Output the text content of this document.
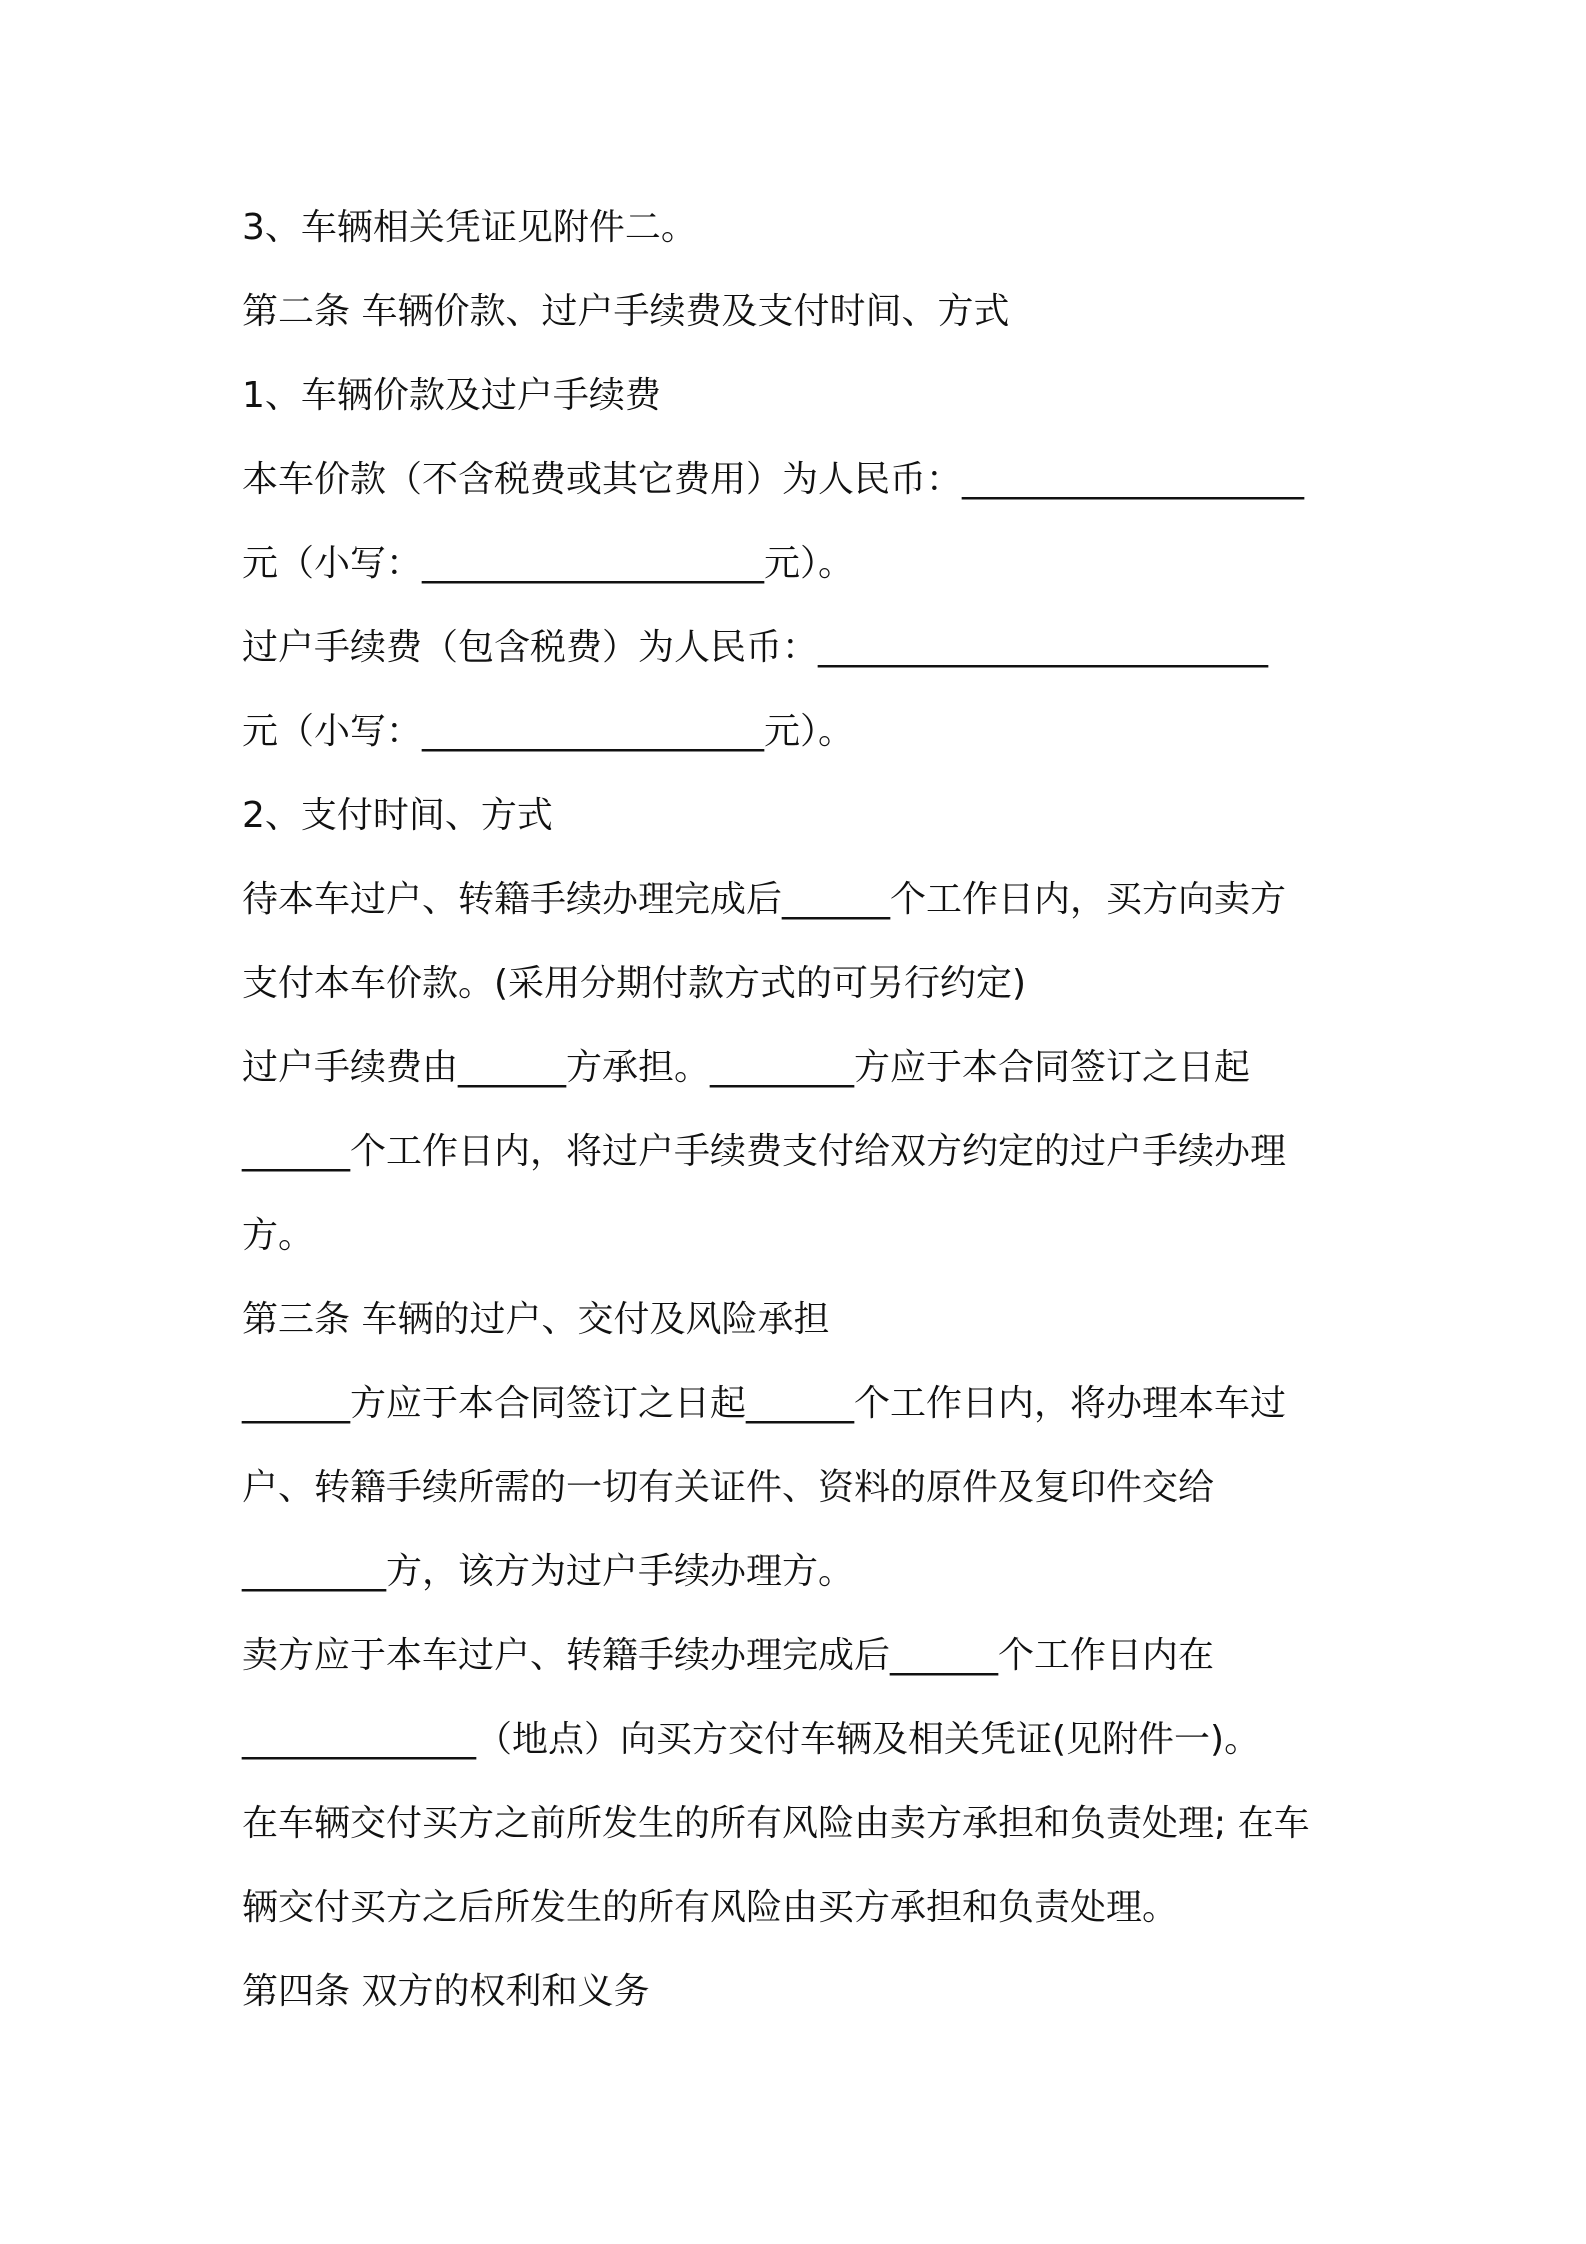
3、车辆相关凭证见附件二。
第二条 车辆价款、过户手续费及支付时间、方式
1、车辆价款及过户手续费
本车价款（不含税费或其它费用）为人民币：___________________
元（小写：___________________元）。
过户手续费（包含税费）为人民币：_________________________
元（小写：___________________元）。
2、支付时间、方式
待本车过户、转籍手续办理完成后______个工作日内，买方向卖方
支付本车价款。(采用分期付款方式的可另行约定)
过户手续费由______方承担。________方应于本合同签订之日起
______个工作日内，将过户手续费支付给双方约定的过户手续办理
方。
第三条 车辆的过户、交付及风险承担
______方应于本合同签订之日起______个工作日内，将办理本车过
户、转籍手续所需的一切有关证件、资料的原件及复印件交给
________方，该方为过户手续办理方。
卖方应于本车过户、转籍手续办理完成后______个工作日内在
_____________（地点）向买方交付车辆及相关凭证(见附件一)。
在车辆交付买方之前所发生的所有风险由卖方承担和负责处理; 在车
辆交付买方之后所发生的所有风险由买方承担和负责处理。
第四条 双方的权利和义务
